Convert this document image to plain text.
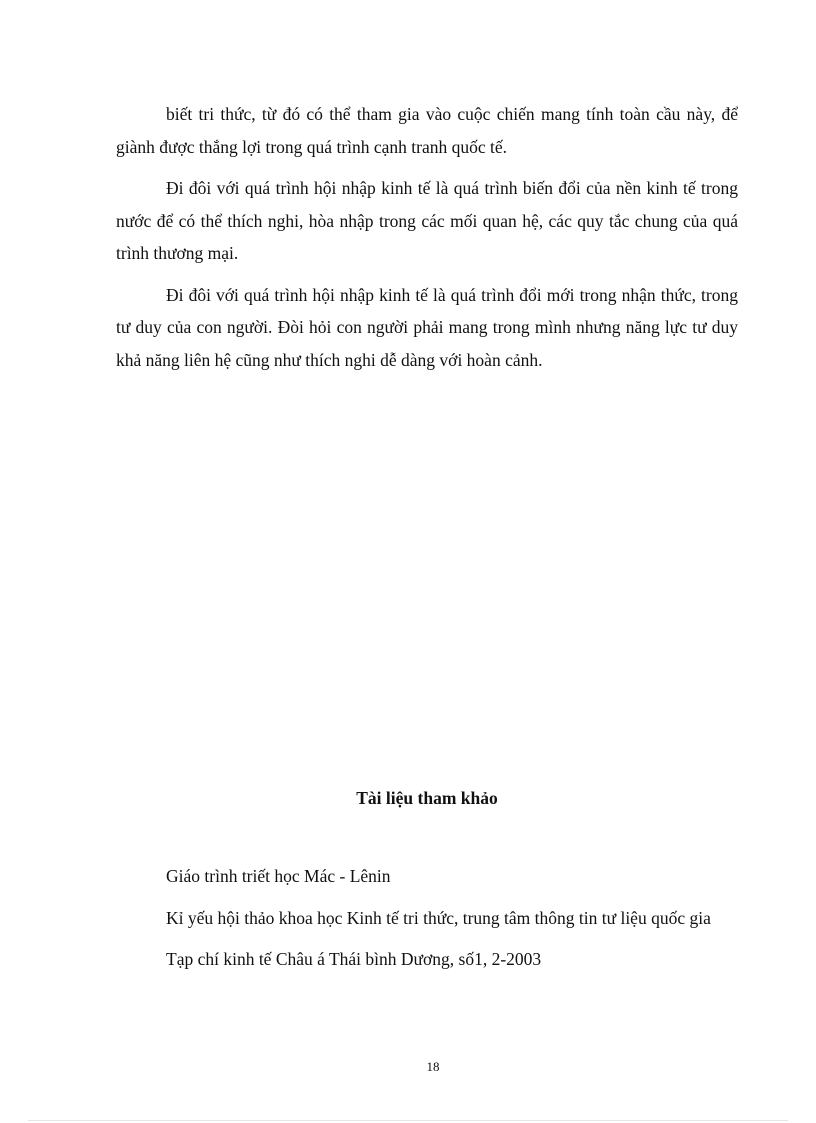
biết tri thức, từ đó có thể tham gia vào cuộc chiến mang tính toàn cầu này, để giành được thắng lợi trong quá trình cạnh tranh quốc tế.

Đi đôi với quá trình hội nhập kinh tế là quá trình biến đổi của nền kinh tế trong nước để có thể thích nghi, hòa nhập trong các mối quan hệ, các quy tắc chung của quá trình thương mại.

Đi đôi với quá trình hội nhập kinh tế là quá trình đổi mới trong nhận thức, trong tư duy của con người. Đòi hỏi con người phải mang trong mình nhưng năng lực tư duy khả năng liên hệ cũng như thích nghi dễ dàng với hoàn cảnh.

Tài liệu tham khảo
Giáo trình triết học Mác - Lênin
Kỉ yếu hội thảo khoa học Kinh tế tri thức, trung tâm thông tin tư liệu quốc gia
Tạp chí kinh tế Châu á Thái bình Dương, số1, 2-2003
18
